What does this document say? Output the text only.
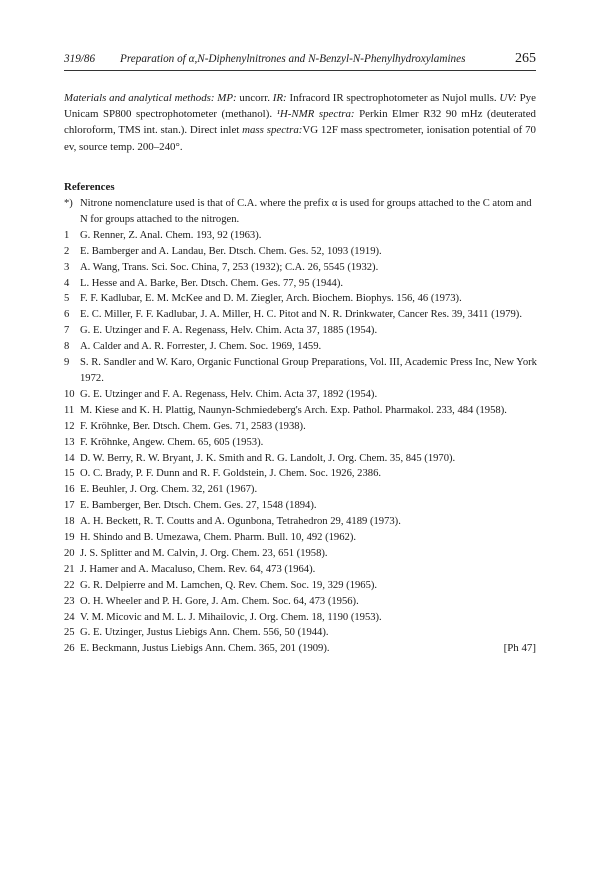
319/86 Preparation of α,N-Diphenylnitrones and N-Benzyl-N-Phenylhydroxylamines	265
Materials and analytical methods: MP: uncorr. IR: Infracord IR spectrophotometer as Nujol mulls. UV: Pye Unicam SP800 spectrophotometer (methanol). ¹H-NMR spectra: Perkin Elmer R32 90 mHz (deuterated chloroform, TMS int. stan.). Direct inlet mass spectra:VG 12F mass spectrometer, ionisation potential of 70 ev, source temp. 200–240°.
References
*) Nitrone nomenclature used is that of C.A. where the prefix α is used for groups attached to the C atom and N for groups attached to the nitrogen.
1	G. Renner, Z. Anal. Chem. 193, 92 (1963).
2	E. Bamberger and A. Landau, Ber. Dtsch. Chem. Ges. 52, 1093 (1919).
3	A. Wang, Trans. Sci. Soc. China, 7, 253 (1932); C.A. 26, 5545 (1932).
4	L. Hesse and A. Barke, Ber. Dtsch. Chem. Ges. 77, 95 (1944).
5	F. F. Kadlubar, E. M. McKee and D. M. Ziegler, Arch. Biochem. Biophys. 156, 46 (1973).
6	E. C. Miller, F. F. Kadlubar, J. A. Miller, H. C. Pitot and N. R. Drinkwater, Cancer Res. 39, 3411 (1979).
7	G. E. Utzinger and F. A. Regenass, Helv. Chim. Acta 37, 1885 (1954).
8	A. Calder and A. R. Forrester, J. Chem. Soc. 1969, 1459.
9	S. R. Sandler and W. Karo, Organic Functional Group Preparations, Vol. III, Academic Press Inc, New York 1972.
10 G. E. Utzinger and F. A. Regenass, Helv. Chim. Acta 37, 1892 (1954).
11 M. Kiese and K. H. Plattig, Naunyn-Schmiedeberg's Arch. Exp. Pathol. Pharmakol. 233, 484 (1958).
12 F. Kröhnke, Ber. Dtsch. Chem. Ges. 71, 2583 (1938).
13 F. Kröhnke, Angew. Chem. 65, 605 (1953).
14 D. W. Berry, R. W. Bryant, J. K. Smith and R. G. Landolt, J. Org. Chem. 35, 845 (1970).
15 O. C. Brady, P. F. Dunn and R. F. Goldstein, J. Chem. Soc. 1926, 2386.
16 E. Beuhler, J. Org. Chem. 32, 261 (1967).
17 E. Bamberger, Ber. Dtsch. Chem. Ges. 27, 1548 (1894).
18 A. H. Beckett, R. T. Coutts and A. Ogunbona, Tetrahedron 29, 4189 (1973).
19 H. Shindo and B. Umezawa, Chem. Pharm. Bull. 10, 492 (1962).
20 J. S. Splitter and M. Calvin, J. Org. Chem. 23, 651 (1958).
21 J. Hamer and A. Macaluso, Chem. Rev. 64, 473 (1964).
22 G. R. Delpierre and M. Lamchen, Q. Rev. Chem. Soc. 19, 329 (1965).
23 O. H. Wheeler and P. H. Gore, J. Am. Chem. Soc. 64, 473 (1956).
24 V. M. Micovic and M. L. J. Mihailovic, J. Org. Chem. 18, 1190 (1953).
25 G. E. Utzinger, Justus Liebigs Ann. Chem. 556, 50 (1944).
26 E. Beckmann, Justus Liebigs Ann. Chem. 365, 201 (1909).	[Ph 47]
